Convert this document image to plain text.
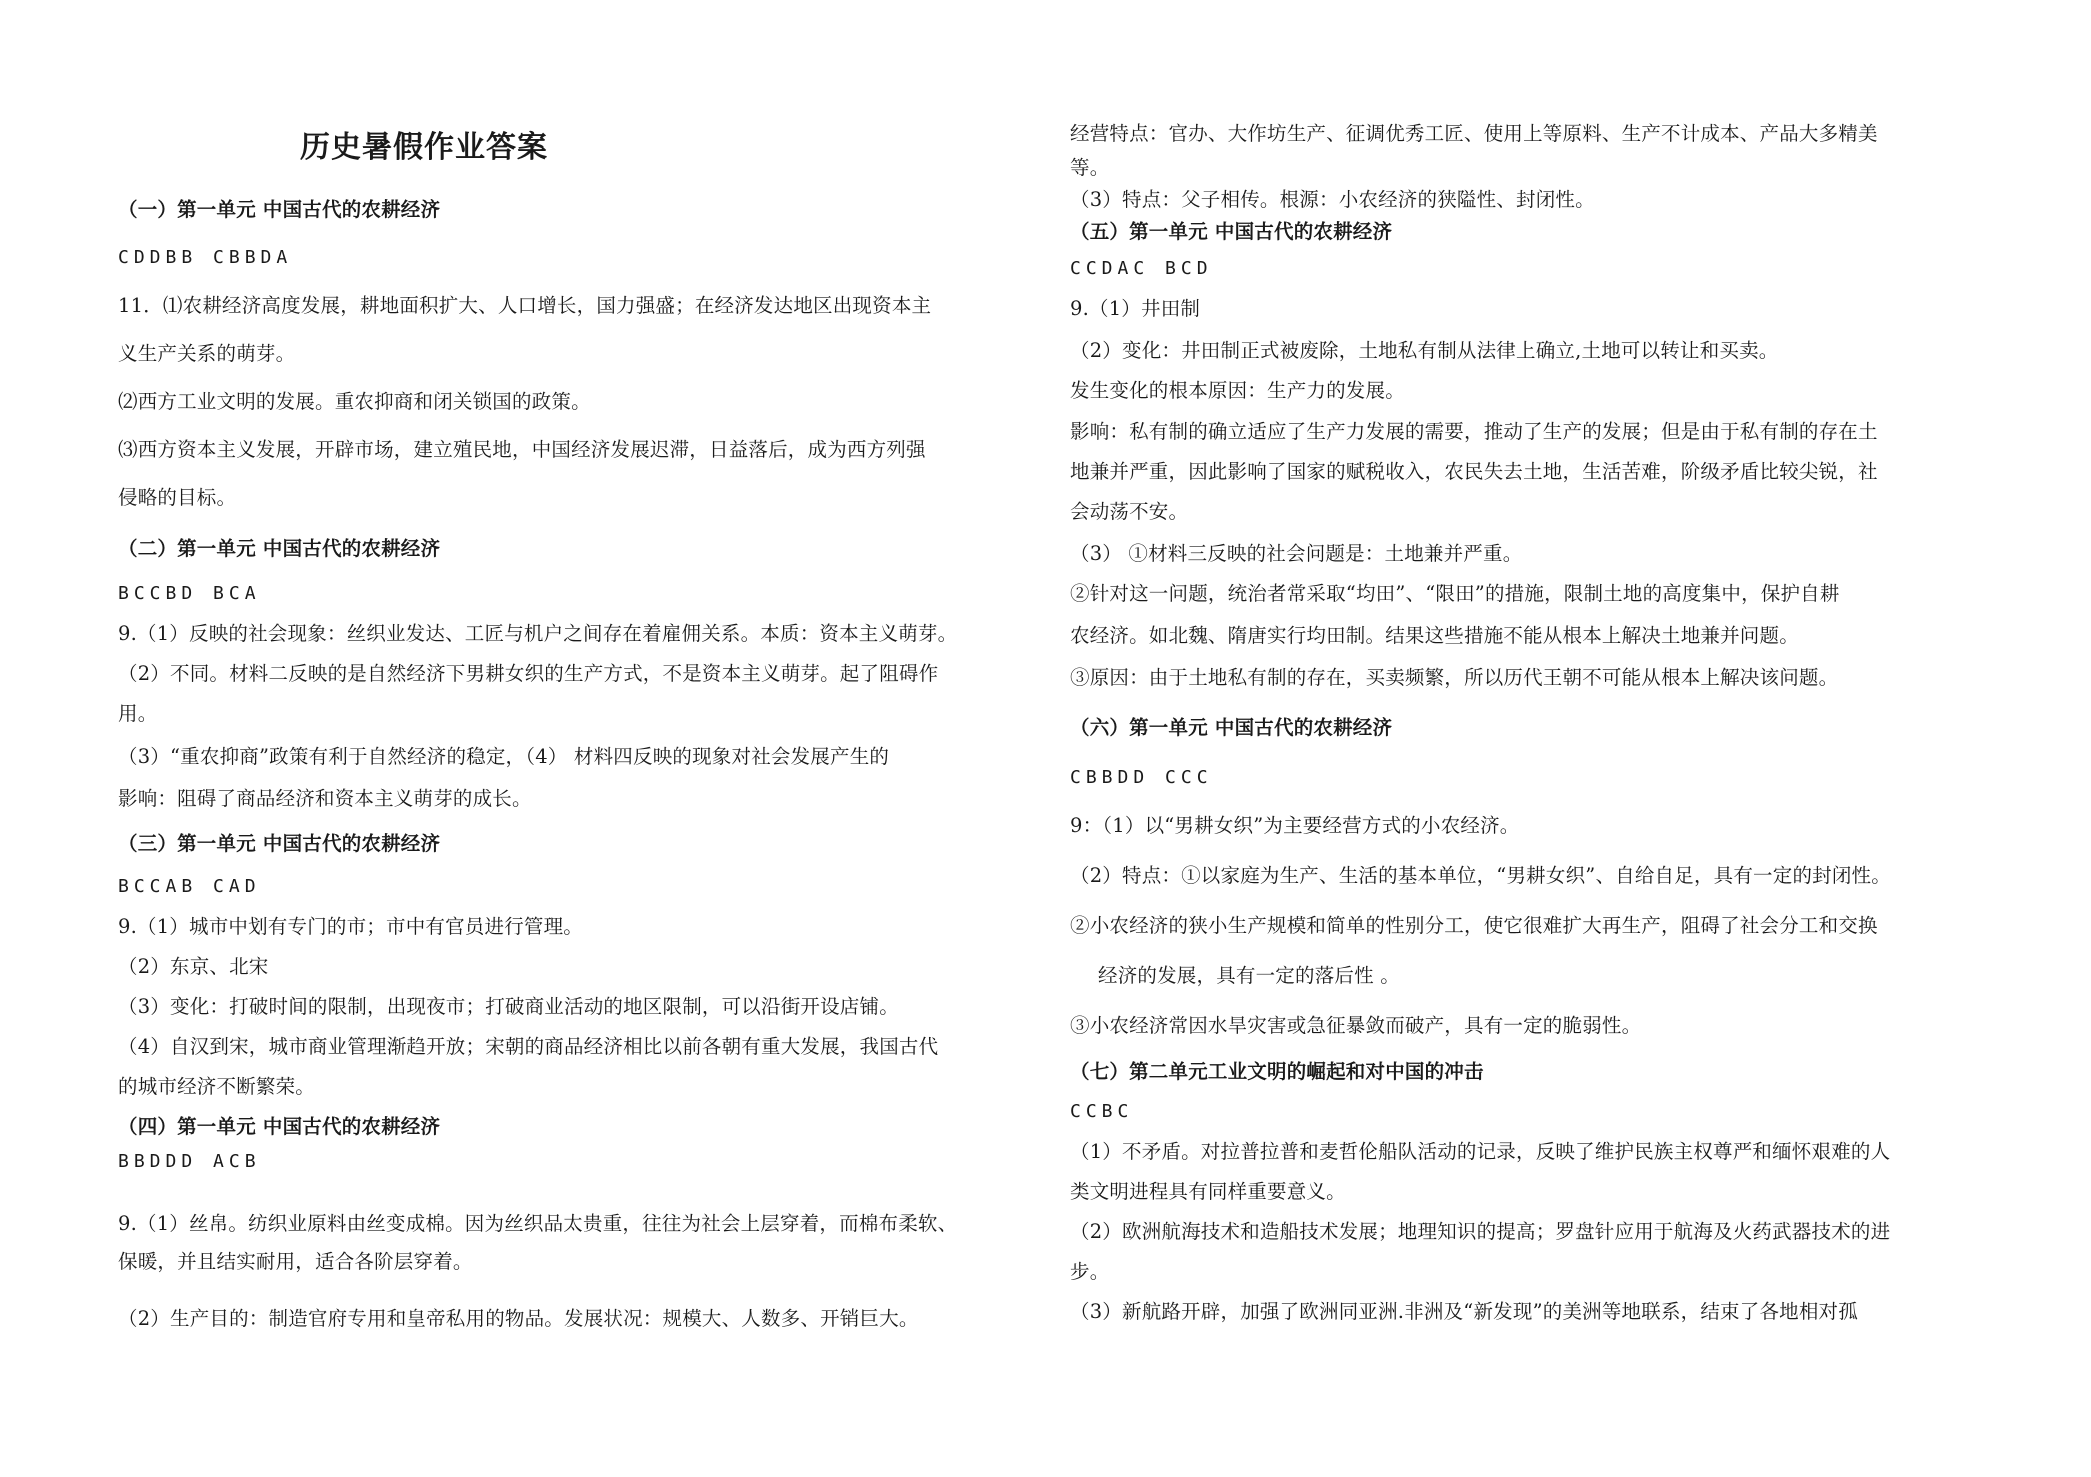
历史暑假作业答案
（一）第一单元 中国古代的农耕经济
CDDBB CBBDA
11．⑴农耕经济高度发展，耕地面积扩大、人口增长，国力强盛；在经济发达地区出现资本主
义生产关系的萌芽。
⑵西方工业文明的发展。重农抑商和闭关锁国的政策。
⑶西方资本主义发展，开辟市场，建立殖民地，中国经济发展迟滞，日益落后，成为西方列强
侵略的目标。
（二）第一单元 中国古代的农耕经济
BCCBD BCA
9.（1）反映的社会现象：丝织业发达、工匠与机户之间存在着雇佣关系。本质：资本主义萌芽。
（2）不同。材料二反映的是自然经济下男耕女织的生产方式，不是资本主义萌芽。起了阻碍作
用。
（3）“重农抑商”政策有利于自然经济的稳定，（4） 材料四反映的现象对社会发展产生的
影响：阻碍了商品经济和资本主义萌芽的成长。
（三）第一单元 中国古代的农耕经济
BCCAB CAD
9.（1）城市中划有专门的市；市中有官员进行管理。
（2）东京、北宋
（3）变化：打破时间的限制，出现夜市；打破商业活动的地区限制，可以沿街开设店铺。
（4）自汉到宋，城市商业管理渐趋开放；宋朝的商品经济相比以前各朝有重大发展，我国古代
的城市经济不断繁荣。
（四）第一单元 中国古代的农耕经济
BBDDD ACB
9.（1）丝帛。纺织业原料由丝变成棉。因为丝织品太贵重，往往为社会上层穿着，而棉布柔软、
保暖，并且结实耐用，适合各阶层穿着。
（2）生产目的：制造官府专用和皇帝私用的物品。发展状况：规模大、人数多、开销巨大。
经营特点：官办、大作坊生产、征调优秀工匠、使用上等原料、生产不计成本、产品大多精美
等。
（3）特点：父子相传。根源：小农经济的狭隘性、封闭性。
（五）第一单元 中国古代的农耕经济
CCDAC BCD
9.（1）井田制
（2）变化：井田制正式被废除，土地私有制从法律上确立,土地可以转让和买卖。
发生变化的根本原因：生产力的发展。
影响：私有制的确立适应了生产力发展的需要，推动了生产的发展；但是由于私有制的存在土
地兼并严重，因此影响了国家的赋税收入，农民失去土地，生活苦难，阶级矛盾比较尖锐，社
会动荡不安。
（3） ①材料三反映的社会问题是：土地兼并严重。
②针对这一问题，统治者常采取“均田”、“限田”的措施，限制土地的高度集中，保护自耕
农经济。如北魏、隋唐实行均田制。结果这些措施不能从根本上解决土地兼并问题。
③原因：由于土地私有制的存在，买卖频繁，所以历代王朝不可能从根本上解决该问题。
（六）第一单元 中国古代的农耕经济
CBBDD CCC
9：（1）以“男耕女织”为主要经营方式的小农经济。
（2）特点：①以家庭为生产、生活的基本单位，“男耕女织”、自给自足，具有一定的封闭性。
②小农经济的狭小生产规模和简单的性别分工，使它很难扩大再生产，阻碍了社会分工和交换
经济的发展，具有一定的落后性 。
③小农经济常因水旱灾害或急征暴敛而破产，具有一定的脆弱性。
（七）第二单元工业文明的崛起和对中国的冲击
CCBC
（1）不矛盾。对拉普拉普和麦哲伦船队活动的记录，反映了维护民族主权尊严和缅怀艰难的人
类文明进程具有同样重要意义。
（2）欧洲航海技术和造船技术发展；地理知识的提高；罗盘针应用于航海及火药武器技术的进
步。
（3）新航路开辟，加强了欧洲同亚洲.非洲及“新发现”的美洲等地联系，结束了各地相对孤
